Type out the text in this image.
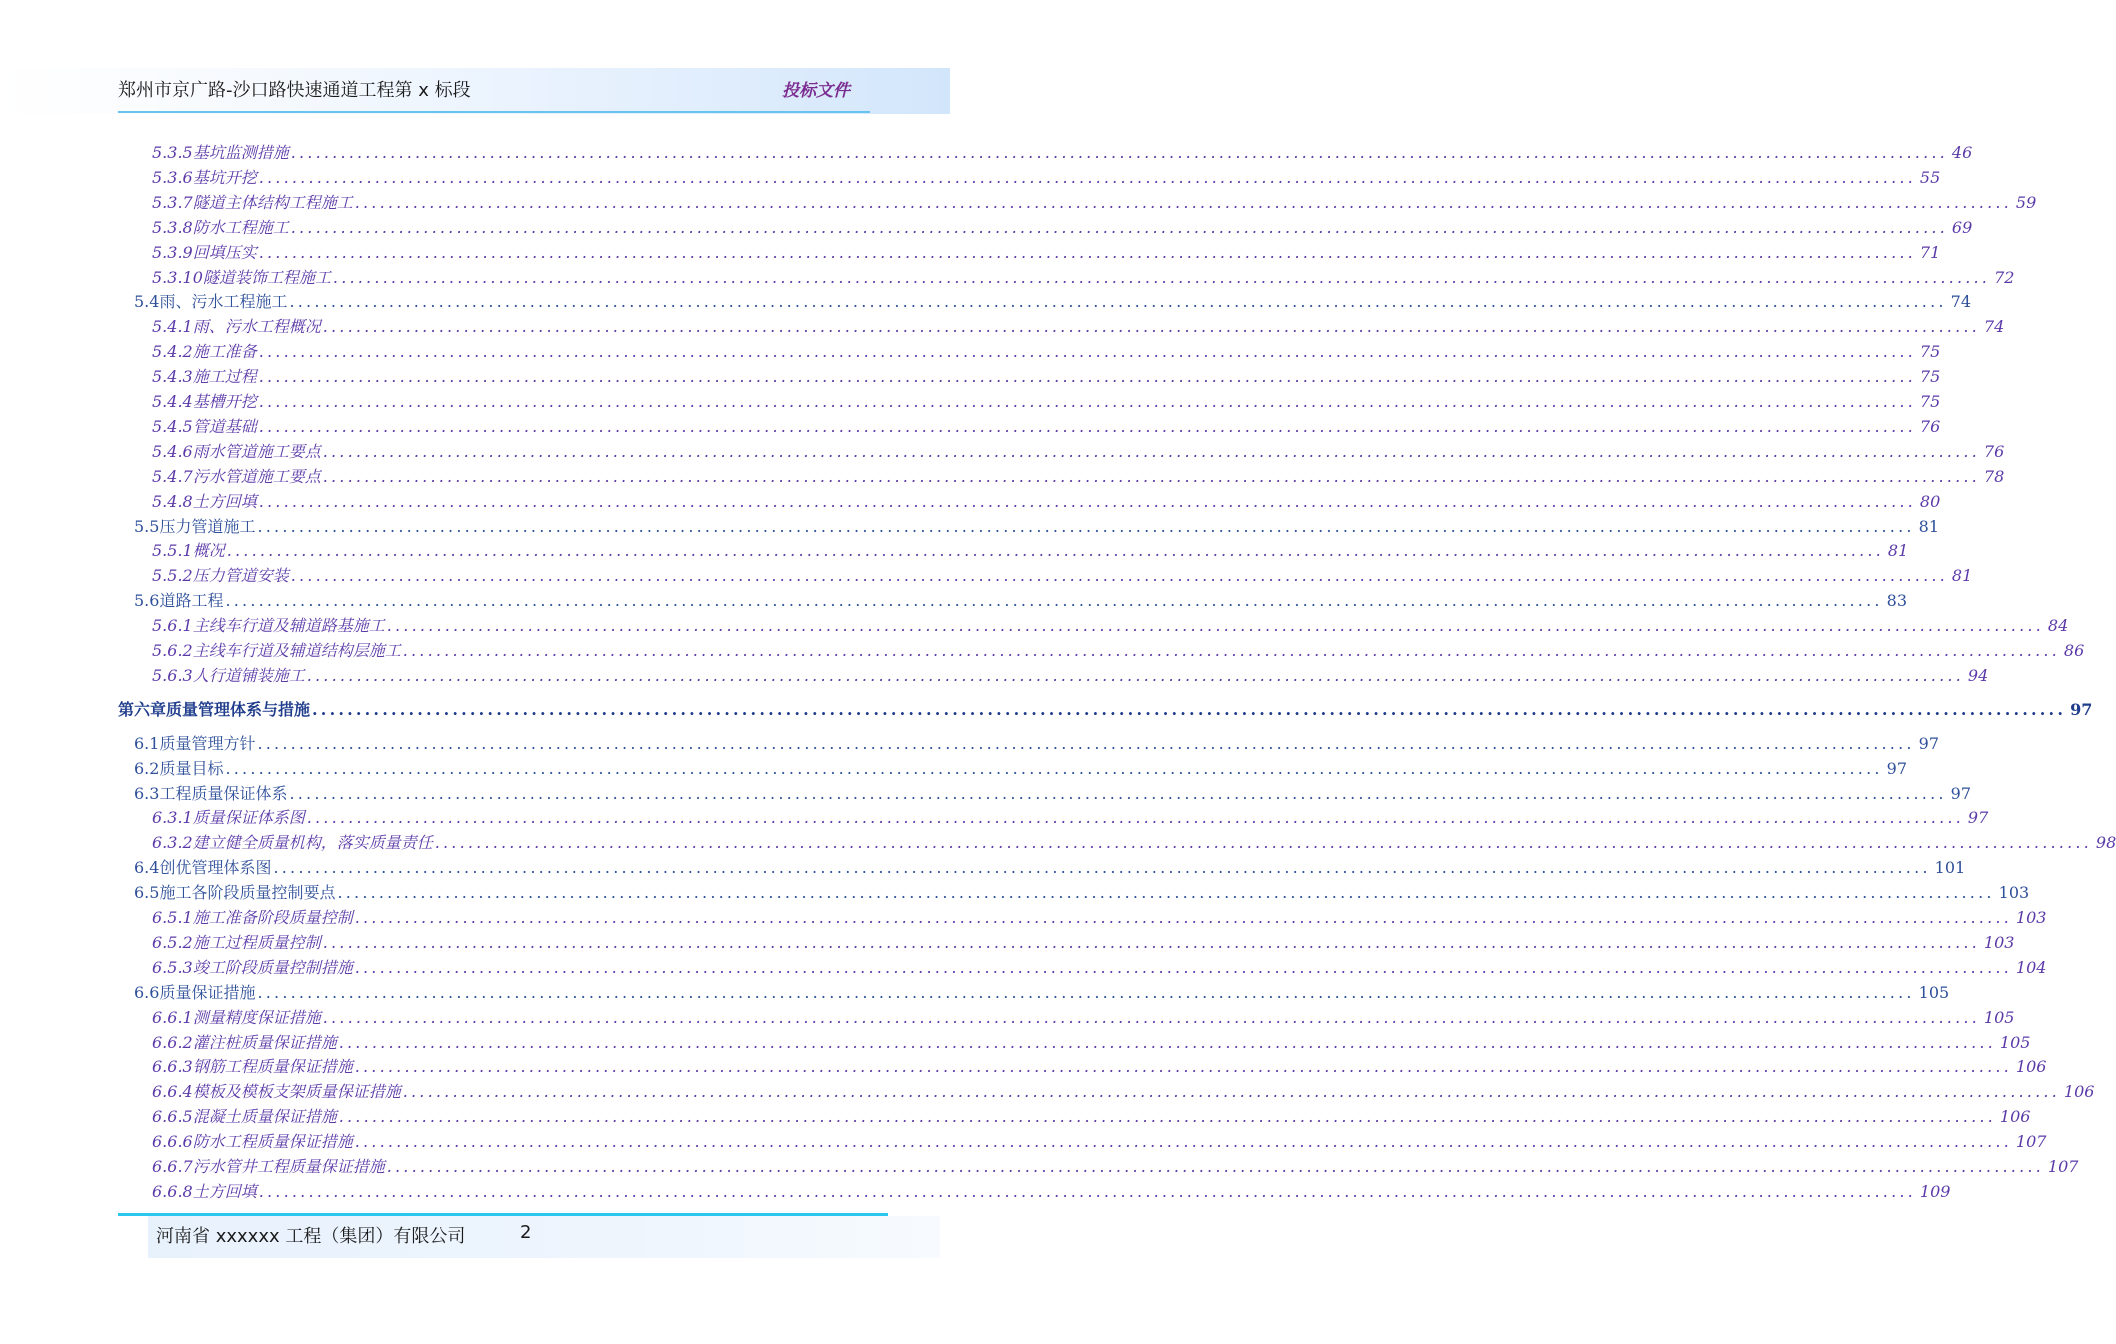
郑州市京广路-沙口路快速通道工程第 x 标段	投标文件
5.3.5 基坑监测措施 ........................................................................................................................................................................................................ 46
5.3.6 基坑开挖 ........................................................................................................................................................................................................ 55
5.3.7 隧道主体结构工程施工 ........................................................................................................................................................................................................ 59
5.3.8 防水工程施工 ........................................................................................................................................................................................................ 69
5.3.9 回填压实 ........................................................................................................................................................................................................ 71
5.3.10 隧道装饰工程施工 ........................................................................................................................................................................................................ 72
5.4 雨、污水工程施工 ........................................................................................................................................................................................................ 74
5.4.1 雨、污水工程概况 ........................................................................................................................................................................................................ 74
5.4.2 施工准备 ........................................................................................................................................................................................................ 75
5.4.3 施工过程 ........................................................................................................................................................................................................ 75
5.4.4 基槽开挖 ........................................................................................................................................................................................................ 75
5.4.5 管道基础 ........................................................................................................................................................................................................ 76
5.4.6 雨水管道施工要点 ........................................................................................................................................................................................................ 76
5.4.7 污水管道施工要点 ........................................................................................................................................................................................................ 78
5.4.8 土方回填 ........................................................................................................................................................................................................ 80
5.5 压力管道施工 ........................................................................................................................................................................................................ 81
5.5.1 概况 ........................................................................................................................................................................................................ 81
5.5.2 压力管道安装 ........................................................................................................................................................................................................ 81
5.6 道路工程 ........................................................................................................................................................................................................ 83
5.6.1 主线车行道及辅道路基施工 ........................................................................................................................................................................................................ 84
5.6.2 主线车行道及辅道结构层施工 ........................................................................................................................................................................................................ 86
5.6.3 人行道铺装施工 ........................................................................................................................................................................................................ 94
第六章 质量管理体系与措施 ........................................................................................................................................................................................................ 97
6.1 质量管理方针 ........................................................................................................................................................................................................ 97
6.2 质量目标 ........................................................................................................................................................................................................ 97
6.3 工程质量保证体系 ........................................................................................................................................................................................................ 97
6.3.1 质量保证体系图 ........................................................................................................................................................................................................ 97
6.3.2 建立健全质量机构，落实质量责任 ........................................................................................................................................................................................................ 98
6.4 创优管理体系图 ........................................................................................................................................................................................................ 101
6.5 施工各阶段质量控制要点 ........................................................................................................................................................................................................ 103
6.5.1 施工准备阶段质量控制 ........................................................................................................................................................................................................ 103
6.5.2 施工过程质量控制 ........................................................................................................................................................................................................ 103
6.5.3 竣工阶段质量控制措施 ........................................................................................................................................................................................................ 104
6.6 质量保证措施 ........................................................................................................................................................................................................ 105
6.6.1 测量精度保证措施 ........................................................................................................................................................................................................ 105
6.6.2 灌注桩质量保证措施 ........................................................................................................................................................................................................ 105
6.6.3 钢筋工程质量保证措施 ........................................................................................................................................................................................................ 106
6.6.4 模板及模板支架质量保证措施 ........................................................................................................................................................................................................ 106
6.6.5 混凝土质量保证措施 ........................................................................................................................................................................................................ 106
6.6.6 防水工程质量保证措施 ........................................................................................................................................................................................................ 107
6.6.7 污水管井工程质量保证措施 ........................................................................................................................................................................................................ 107
6.6.8 土方回填 ........................................................................................................................................................................................................ 109
河南省 xxxxxx 工程（集团）有限公司	2
